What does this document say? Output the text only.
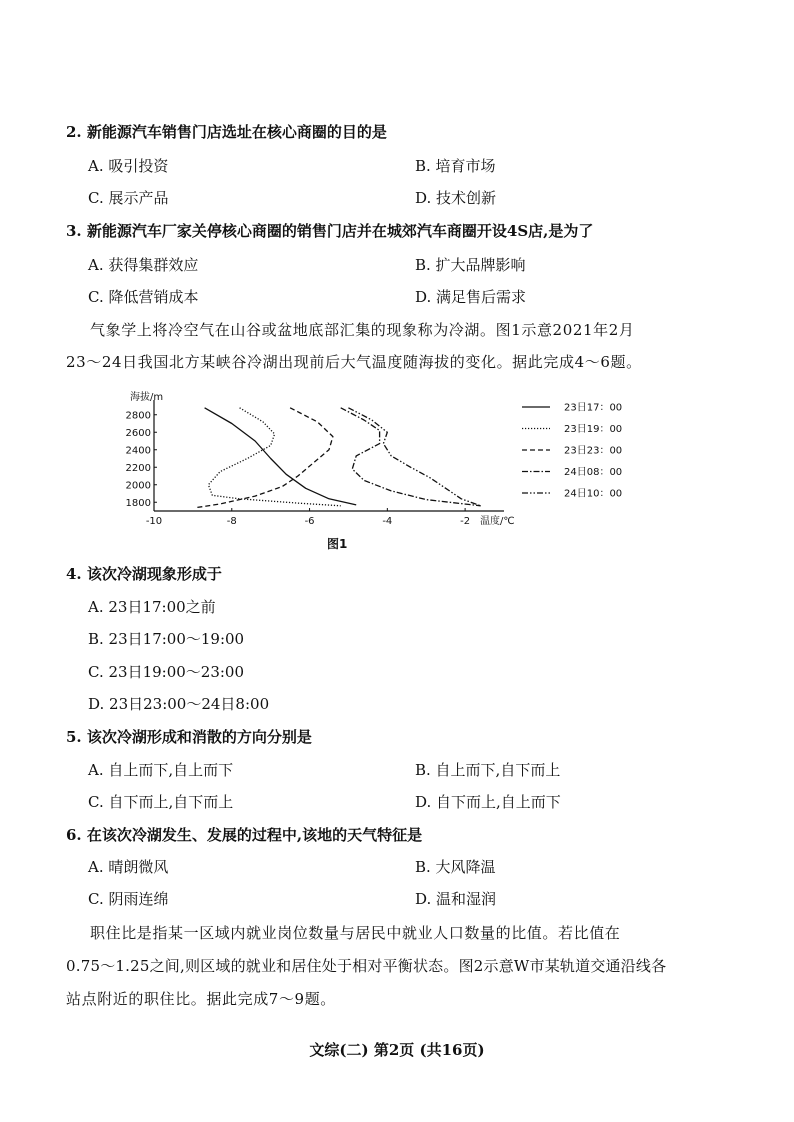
2. 新能源汽车销售门店选址在核心商圈的目的是
A. 吸引投资	B. 培育市场
C. 展示产品	D. 技术创新
3. 新能源汽车厂家关停核心商圈的销售门店并在城郊汽车商圈开设4S店,是为了
A. 获得集群效应	B. 扩大品牌影响
C. 降低营销成本	D. 满足售后需求
气象学上将冷空气在山谷或盆地底部汇集的现象称为冷湖。图1示意2021年2月
23～24日我国北方某峡谷冷湖出现前后大气温度随海拔的变化。据此完成4～6题。
-10	-8	-6	-4	-2
1800
2000
2200
2400
2600
2800
海拔/m
温度/℃
23日17：00
23日19：00
23日23：00
24日08：00
24日10：00
图1
4. 该次冷湖现象形成于
A. 23日17:00之前
B. 23日17:00～19:00
C. 23日19:00～23:00
D. 23日23:00～24日8:00
5. 该次冷湖形成和消散的方向分别是
A. 自上而下,自上而下	B. 自上而下,自下而上
C. 自下而上,自下而上	D. 自下而上,自上而下
6. 在该次冷湖发生、发展的过程中,该地的天气特征是
A. 晴朗微风	B. 大风降温
C. 阴雨连绵	D. 温和湿润
职住比是指某一区域内就业岗位数量与居民中就业人口数量的比值。若比值在
0.75～1.25之间,则区域的就业和居住处于相对平衡状态。图2示意W市某轨道交通沿线各
站点附近的职住比。据此完成7～9题。
文综(二) 第2页 (共16页)
